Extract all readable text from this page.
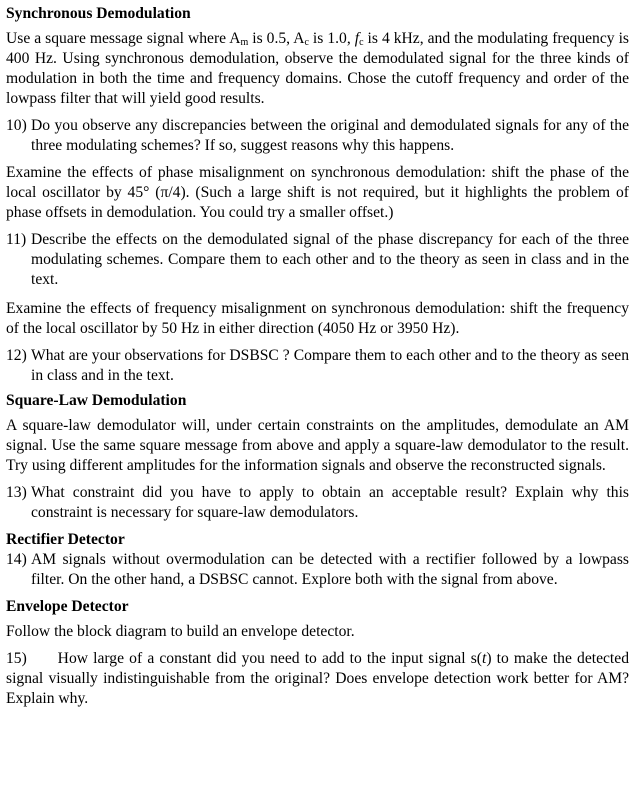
Synchronous Demodulation

Use a square message signal where $A_m$ is 0.5, $A_c$ is 1.0, $f_c$ is 4 kHz, and the modulating frequency is 400 Hz. Using synchronous demodulation, observe the demodulated signal for the three kinds of modulation in both the time and frequency domains. Chose the cutoff frequency and order of the lowpass filter that will yield good results.

10) Do you observe any discrepancies between the original and demodulated signals for any of the three modulating schemes? If so, suggest reasons why this happens.

Examine the effects of phase misalignment on synchronous demodulation: shift the phase of the local oscillator by 45° (π/4). (Such a large shift is not required, but it highlights the problem of phase offsets in demodulation. You could try a smaller offset.)

11) Describe the effects on the demodulated signal of the phase discrepancy for each of the three modulating schemes. Compare them to each other and to the theory as seen in class and in the text.

Examine the effects of frequency misalignment on synchronous demodulation: shift the frequency of the local oscillator by 50 Hz in either direction (4050 Hz or 3950 Hz).

12) What are your observations for DSBSC ? Compare them to each other and to the theory as seen in class and in the text.
Square-Law Demodulation

A square-law demodulator will, under certain constraints on the amplitudes, demodulate an AM signal. Use the same square message from above and apply a square-law demodulator to the result. Try using different amplitudes for the information signals and observe the reconstructed signals.

13) What constraint did you have to apply to obtain an acceptable result? Explain why this constraint is necessary for square-law demodulators.
Rectifier Detector
14) AM signals without overmodulation can be detected with a rectifier followed by a lowpass filter. On the other hand, a DSBSC cannot. Explore both with the signal from above.
Envelope Detector

Follow the block diagram to build an envelope detector.

15)      How large of a constant did you need to add to the input signal s(t) to make the detected signal visually indistinguishable from the original? Does envelope detection work better for AM? Explain why.
